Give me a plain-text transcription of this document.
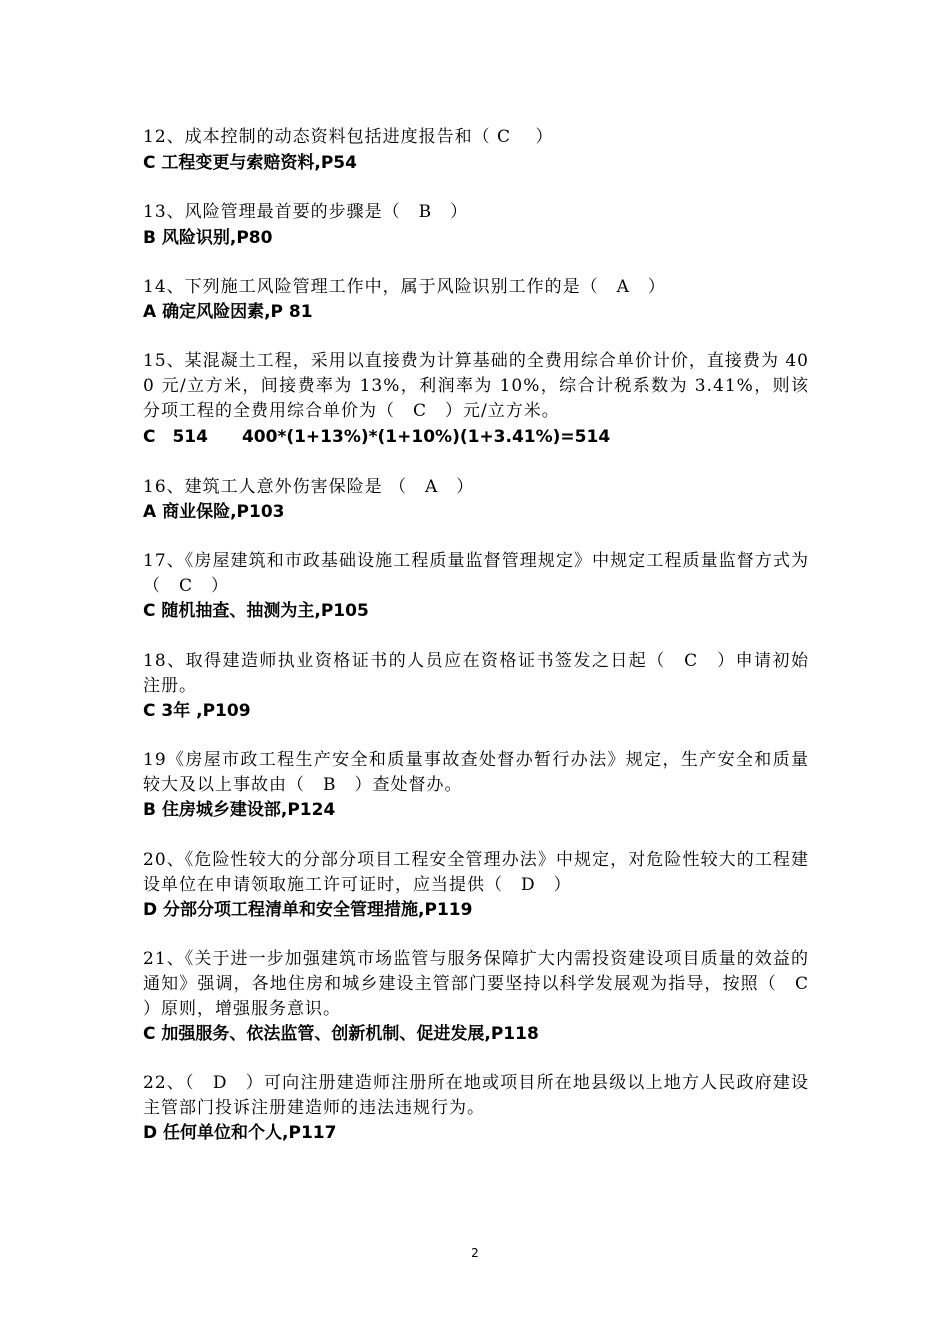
12、成本控制的动态资料包括进度报告和（ C　 ）

C 工程变更与索赔资料,P54

13、风险管理最首要的步骤是（　B　）

B 风险识别,P80

14、下列施工风险管理工作中，属于风险识别工作的是（　A　）

A 确定风险因素,P 81

15、某混凝土工程，采用以直接费为计算基础的全费用综合单价计价，直接费为 400 元/立方米，间接费率为 13%，利润率为 10%，综合计税系数为 3.41%，则该分项工程的全费用综合单价为（　C　）元/立方米。

C　514　　400*(1+13%)*(1+10%)(1+3.41%)=514

16、建筑工人意外伤害保险是 （　A　）

A 商业保险,P103

17、《房屋建筑和市政基础设施工程质量监督管理规定》中规定工程质量监督方式为（　C　）

C 随机抽查、抽测为主,P105

18、取得建造师执业资格证书的人员应在资格证书签发之日起（　C　）申请初始注册。

C 3年 ,P109

19《房屋市政工程生产安全和质量事故查处督办暂行办法》规定，生产安全和质量较大及以上事故由（　B　）查处督办。

B 住房城乡建设部,P124

20、《危险性较大的分部分项目工程安全管理办法》中规定，对危险性较大的工程建设单位在申请领取施工许可证时，应当提供（　D　）

D 分部分项工程清单和安全管理措施,P119

21、《关于进一步加强建筑市场监管与服务保障扩大内需投资建设项目质量的效益的通知》强调，各地住房和城乡建设主管部门要坚持以科学发展观为指导，按照（　C　）原则，增强服务意识。

C 加强服务、依法监管、创新机制、促进发展,P118

22、（　D　）可向注册建造师注册所在地或项目所在地县级以上地方人民政府建设主管部门投诉注册建造师的违法违规行为。

D 任何单位和个人,P117

2
